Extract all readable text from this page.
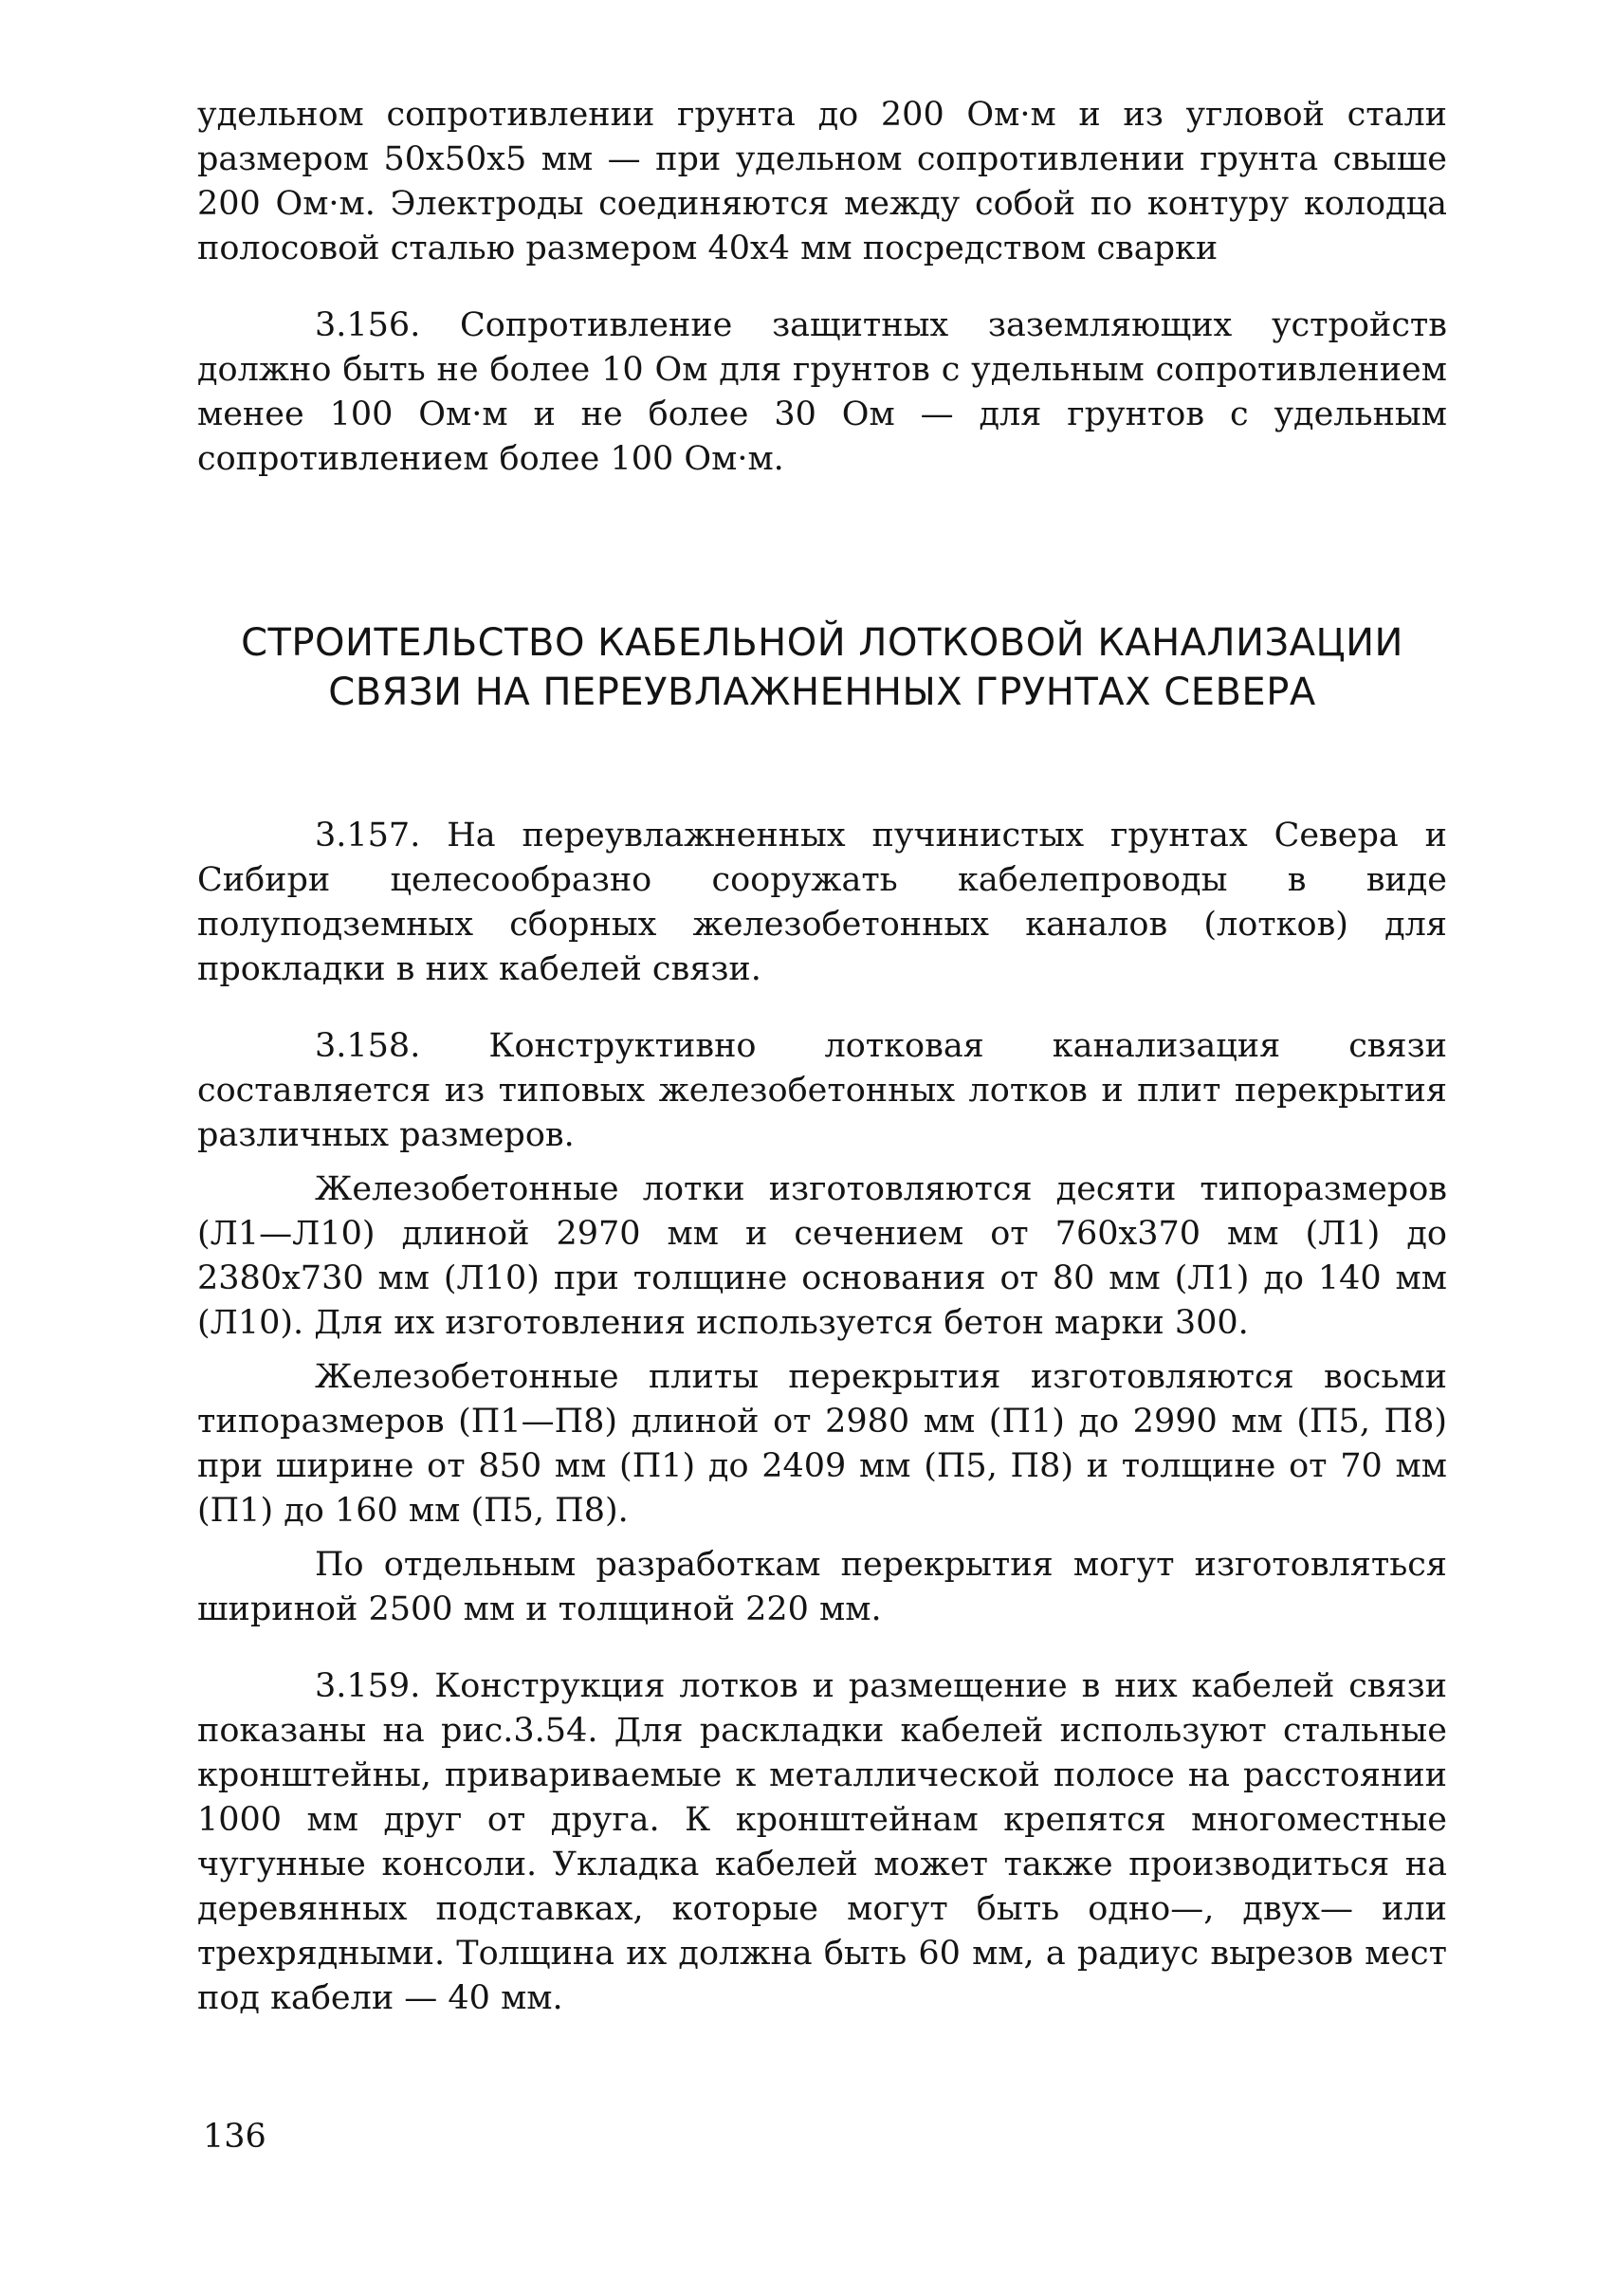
удельном сопротивлении грунта до 200 Ом·м и из угловой стали размером 50х50х5 мм — при удельном сопротивлении грунта свыше 200 Ом·м. Электроды соединяются между собой по контуру колодца полосовой сталью размером 40х4 мм посредством сварки

3.156. Сопротивление защитных заземляющих устройств должно быть не более 10 Ом для грунтов с удельным сопротивлением менее 100 Ом·м и не более 30 Ом — для грунтов с удельным сопротивлением более 100 Ом·м.

СТРОИТЕЛЬСТВО КАБЕЛЬНОЙ ЛОТКОВОЙ КАНАЛИЗАЦИИ
СВЯЗИ НА ПЕРЕУВЛАЖНЕННЫХ ГРУНТАХ СЕВЕРА

3.157. На переувлажненных пучинистых грунтах Севера и Сибири целесообразно сооружать кабелепроводы в виде полуподземных сборных железобетонных каналов (лотков) для прокладки в них кабелей связи.

3.158. Конструктивно лотковая канализация связи составляется из типовых железобетонных лотков и плит перекрытия различных размеров.

Железобетонные лотки изготовляются десяти типоразмеров (Л1—Л10) длиной 2970 мм и сечением от 760х370 мм (Л1) до 2380х730 мм (Л10) при толщине основания от 80 мм (Л1) до 140 мм (Л10). Для их изготовления используется бетон марки 300.

Железобетонные плиты перекрытия изготовляются восьми типоразмеров (П1—П8) длиной от 2980 мм (П1) до 2990 мм (П5, П8) при ширине от 850 мм (П1) до 2409 мм (П5, П8) и толщине от 70 мм (П1) до 160 мм (П5, П8).

По отдельным разработкам перекрытия могут изготовляться шириной 2500 мм и толщиной 220 мм.

3.159. Конструкция лотков и размещение в них кабелей связи показаны на рис.3.54. Для раскладки кабелей используют стальные кронштейны, привариваемые к металлической полосе на расстоянии 1000 мм друг от друга. К кронштейнам крепятся многоместные чугунные консоли. Укладка кабелей может также производиться на деревянных подставках, которые могут быть одно—, двух— или трехрядными. Толщина их должна быть 60 мм, а радиус вырезов мест под кабели — 40 мм.

136
